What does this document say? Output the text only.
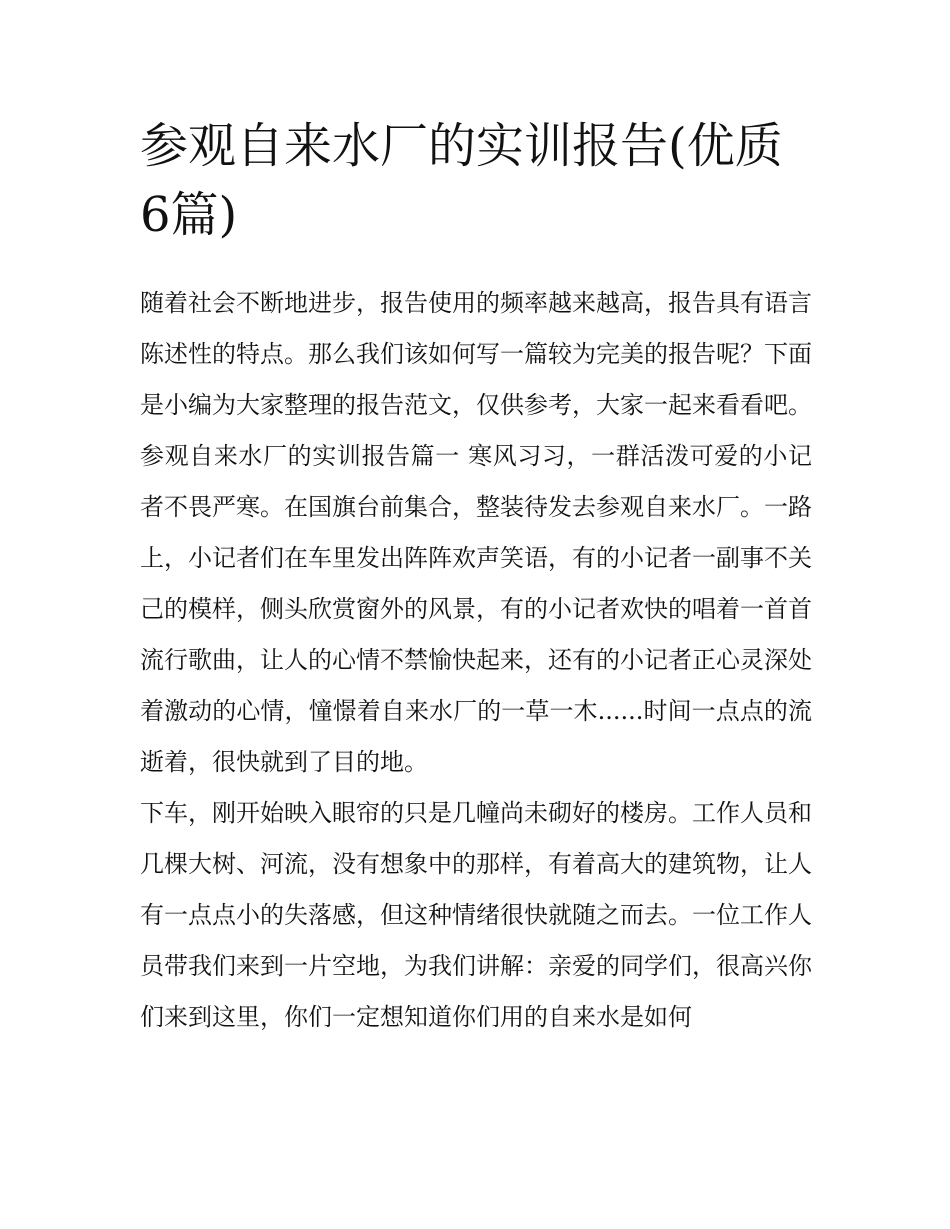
参观自来水厂的实训报告(优质6篇)

随着社会不断地进步，报告使用的频率越来越高，报告具有语言陈述性的特点。那么我们该如何写一篇较为完美的报告呢？下面是小编为大家整理的报告范文，仅供参考，大家一起来看看吧。

参观自来水厂的实训报告篇一 寒风习习，一群活泼可爱的小记者不畏严寒。在国旗台前集合，整装待发去参观自来水厂。一路上，小记者们在车里发出阵阵欢声笑语，有的小记者一副事不关己的模样，侧头欣赏窗外的风景，有的小记者欢快的唱着一首首流行歌曲，让人的心情不禁愉快起来，还有的小记者正心灵深处着激动的心情，憧憬着自来水厂的一草一木......时间一点点的流逝着，很快就到了目的地。

下车，刚开始映入眼帘的只是几幢尚未砌好的楼房。工作人员和几棵大树、河流，没有想象中的那样，有着高大的建筑物，让人有一点点小的失落感，但这种情绪很快就随之而去。一位工作人员带我们来到一片空地，为我们讲解：亲爱的同学们，很高兴你们来到这里，你们一定想知道你们用的自来水是如何
